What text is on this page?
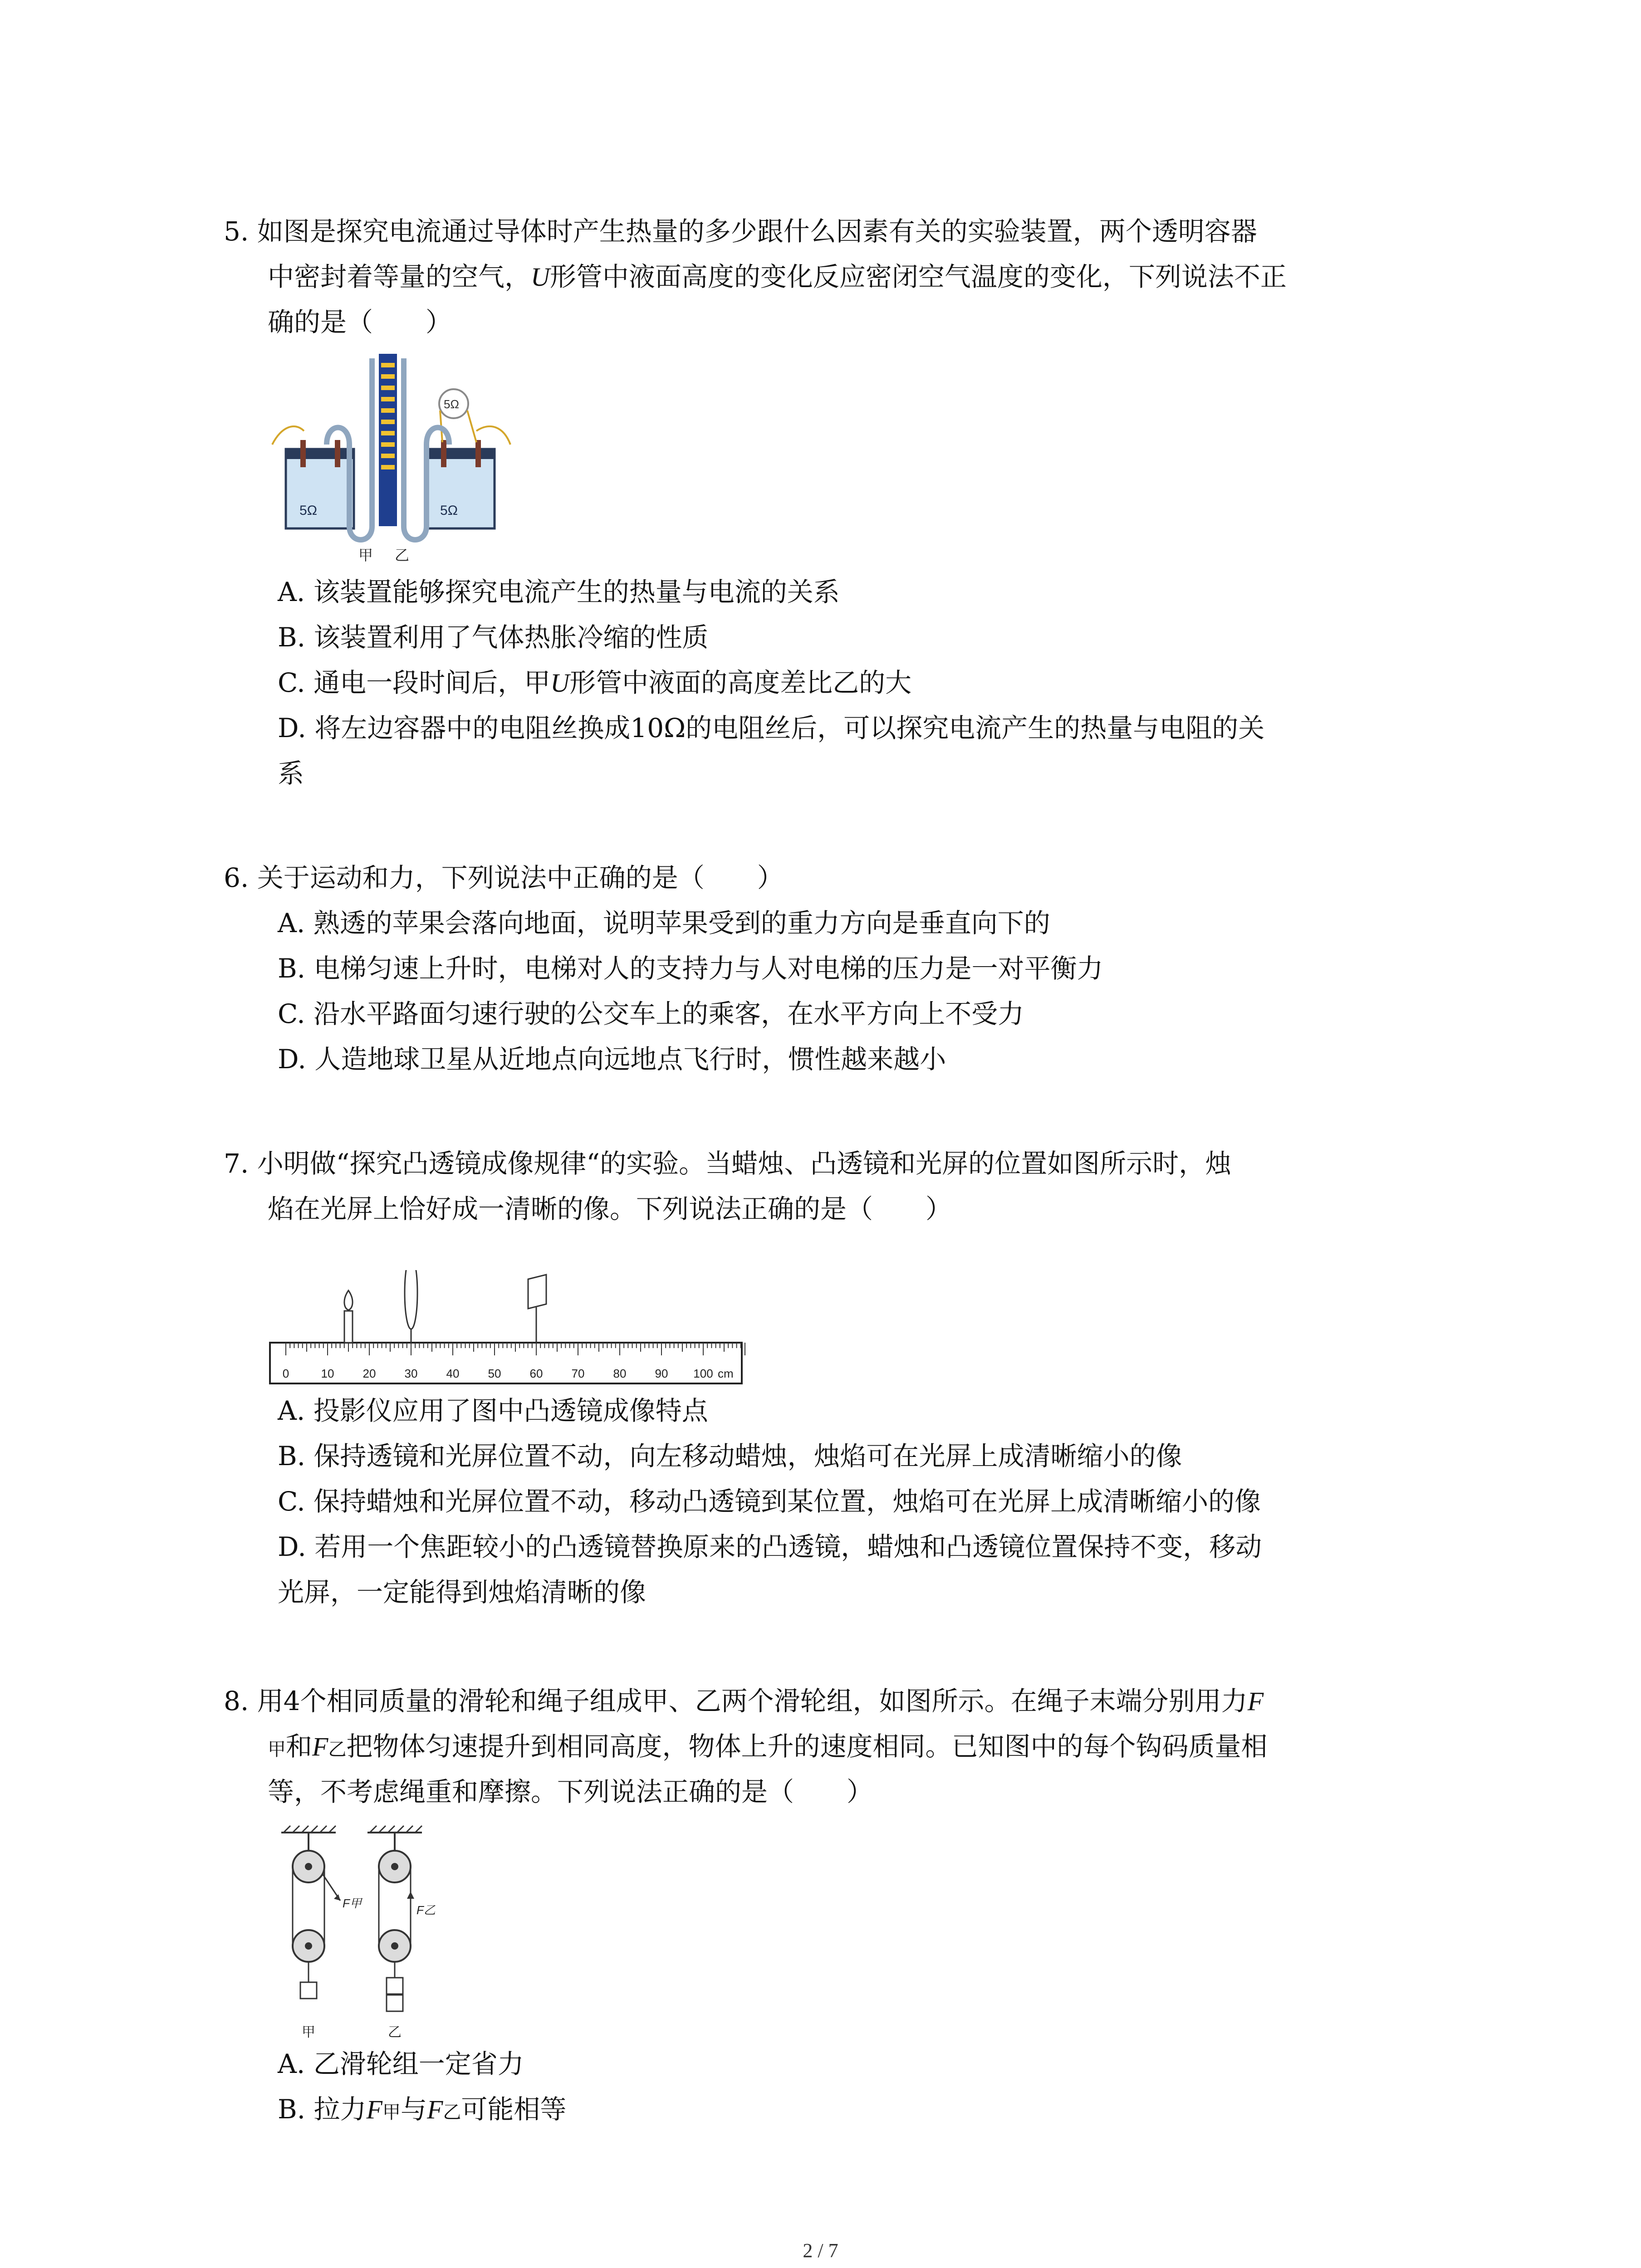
5. 如图是探究电流通过导体时产生热量的多少跟什么因素有关的实验装置，两个透明容器
中密封着等量的空气，U形管中液面高度的变化反应密闭空气温度的变化，下列说法不正
确的是（　　）
5Ω	5Ω
5Ω
甲 乙
A. 该装置能够探究电流产生的热量与电流的关系
B. 该装置利用了气体热胀冷缩的性质
C. 通电一段时间后，甲U形管中液面的高度差比乙的大
D. 将左边容器中的电阻丝换成10Ω的电阻丝后，可以探究电流产生的热量与电阻的关
系
6. 关于运动和力，下列说法中正确的是（　　）
A. 熟透的苹果会落向地面，说明苹果受到的重力方向是垂直向下的
B. 电梯匀速上升时，电梯对人的支持力与人对电梯的压力是一对平衡力
C. 沿水平路面匀速行驶的公交车上的乘客，在水平方向上不受力
D. 人造地球卫星从近地点向远地点飞行时，惯性越来越小
7. 小明做“探究凸透镜成像规律“的实验。当蜡烛、凸透镜和光屏的位置如图所示时，烛
焰在光屏上恰好成一清晰的像。下列说法正确的是（　　）
0	10 20 30 40 50 60 70 80 90 100 cm
A. 投影仪应用了图中凸透镜成像特点
B. 保持透镜和光屏位置不动，向左移动蜡烛，烛焰可在光屏上成清晰缩小的像
C. 保持蜡烛和光屏位置不动，移动凸透镜到某位置，烛焰可在光屏上成清晰缩小的像
D. 若用一个焦距较小的凸透镜替换原来的凸透镜，蜡烛和凸透镜位置保持不变，移动
光屏，一定能得到烛焰清晰的像
8. 用4个相同质量的滑轮和绳子组成甲、乙两个滑轮组，如图所示。在绳子末端分别用力F
甲和F乙把物体匀速提升到相同高度，物体上升的速度相同。已知图中的每个钩码质量相
等，不考虑绳重和摩擦。下列说法正确的是（　　）
F甲
甲
F乙
乙
A. 乙滑轮组一定省力
B. 拉力F甲与F乙可能相等
2 / 7
